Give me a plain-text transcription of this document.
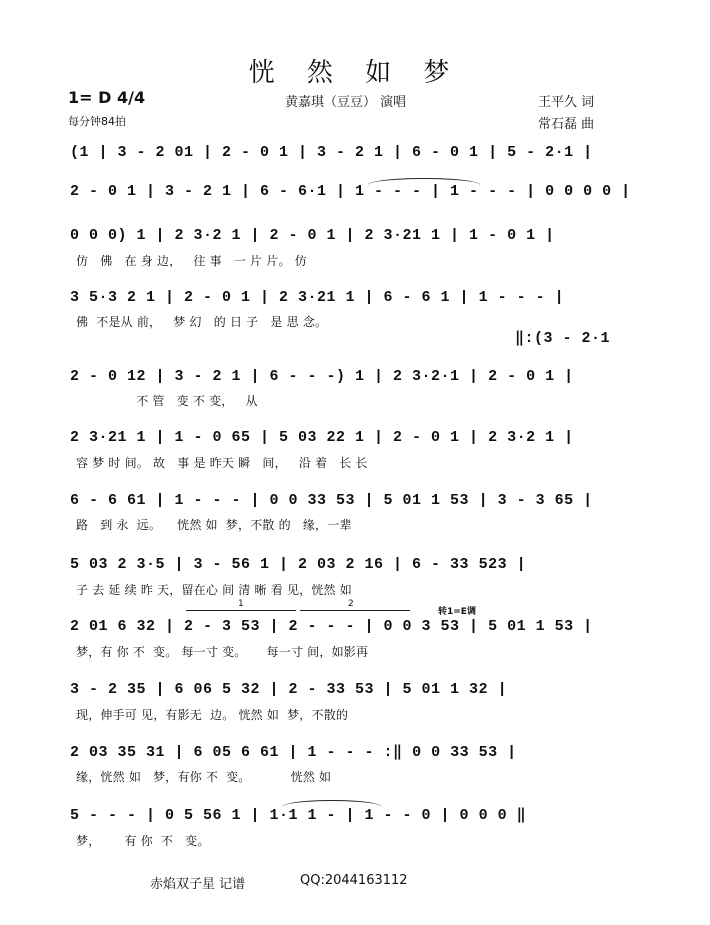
恍 然 如 梦
1= D 4/4
每分钟84拍
黄嘉琪（豆豆） 演唱	王平久 词
常石磊 曲
(1 | 3 - 2 01 | 2 - 0 1 | 3 - 2 1 | 6 - 0 1 | 5 - 2·1 |
2 - 0 1 | 3 - 2 1 | 6 - 6·1 | 1 - - - | 1 - - - | 0 0 0 0 |
0 0 0) 1 | 2 3·2 1 | 2 - 0 1 | 2 3·21 1 | 1 - 0 1 |
仿   佛   在 身 边，   往 事   一 片 片。 仿
3 5·3 2 1 | 2 - 0 1 | 2 3·21 1 | 6 - 6 1 | 1 - - - |
佛  不是从 前，   梦 幻   的 日 子   是 思 念。
‖:(3 - 2·1
2 - 0 12 | 3 - 2 1 | 6 - - -) 1 | 2 3·2·1 | 2 - 0 1 |
不 管   变 不 变，   从
2 3·21 1 | 1 - 0 65 | 5 03 22 1 | 2 - 0 1 | 2 3·2 1 |
容 梦 时 间。 故   事 是 昨天 瞬   间，   沿 着   长 长
6 - 6 61 | 1 - - - | 0 0 33 53 | 5 01 1 53 | 3 - 3 65 |
路   到 永  远。    恍然 如  梦，不散 的   缘，一辈
5 03 2 3·5 | 3 - 56 1 | 2 03 2 16 | 6 - 33 523 |
子 去 延 续 昨 天，留在心 间 清 晰 看 见，恍然 如
1	2
转1=E调
2 01 6 32 | 2 - 3 53 | 2 - - - | 0 0 3 53 | 5 01 1 53 |
梦，有 你 不  变。 每一寸 变。     每一寸 间，如影再
3 - 2 35 | 6 06 5 32 | 2 - 33 53 | 5 01 1 32 |
现，伸手可 见，有影无  边。 恍然 如  梦，不散的
2 03 35 31 | 6 05 6 61 | 1 - - - :‖ 0 0 33 53 |
缘，恍然 如   梦，有你 不  变。          恍然 如
5 - - - | 0 5 56 1 | 1·1 1 - | 1 - - 0 | 0 0 0 ‖
梦，      有 你  不   变。
赤焰双子星 记谱	QQ:2044163112
